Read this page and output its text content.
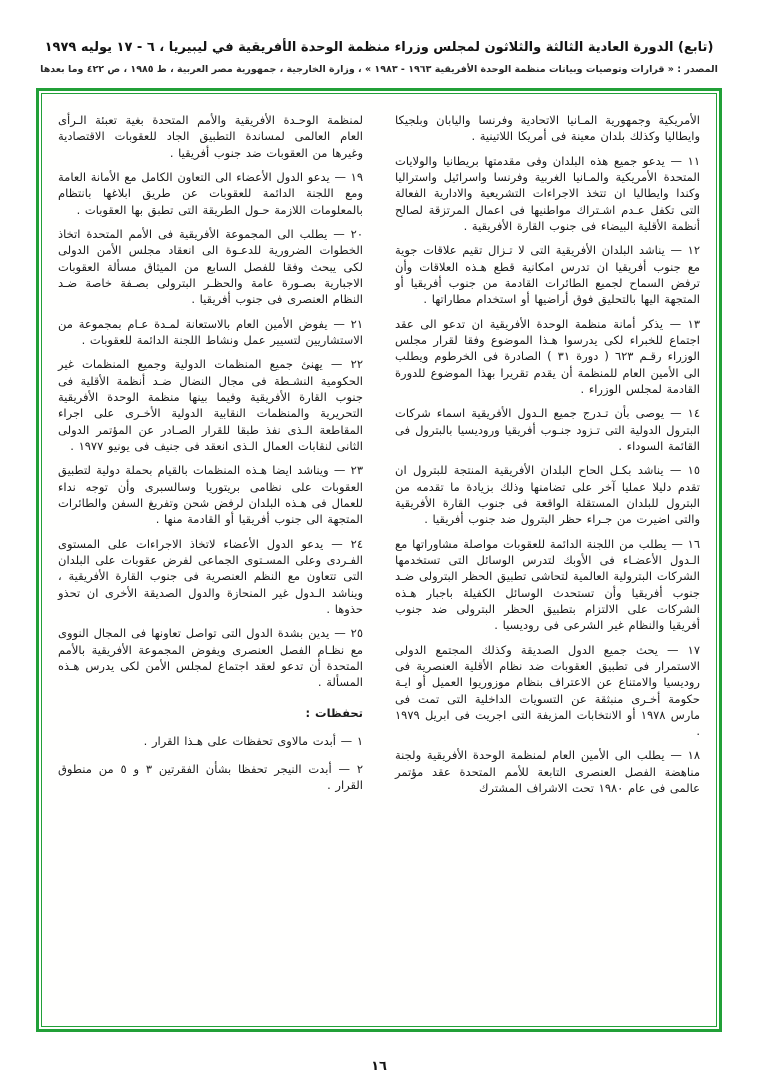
(تابع) الدورة العادية الثالثة والثلاثون لمجلس وزراء منظمة الوحدة الأفريقية في ليبيريا ، ٦ - ١٧ يوليه ١٩٧٩
المصدر : « قرارات وتوصيات وبيانات منظمة الوحدة الأفريقية ١٩٦٣ - ١٩٨٣ » ، وزارة الخارجية ، جمهورية مصر العربية ، ط ١٩٨٥ ، ص ٤٢٢ وما بعدها

الأمريكية وجمهورية المـانيا الاتحادية وفرنسا واليابان وبلجيكا وايطاليا وكذلك بلدان معينة فى أمريكا اللاتينية .

١١ — يدعو جميع هذه البلدان وفى مقدمتها بريطانيا والولايات المتحدة الأمريكية والمـانيا الغربية وفرنسا واسرائيل واستراليا وكندا وايطاليا ان تتخذ الاجراءات التشريعية والادارية الفعالة التى تكفل عـدم اشـتراك مواطنيها فى اعمال المرتزقة لصالح أنظمة الأقلية البيضاء فى جنوب القارة الأفريقية .

١٢ — يناشد البلدان الأفريقية التى لا تـزال تقيم علاقات جوية مع جنوب أفريقيا ان تدرس امكانية قطع هـذه العلاقات وأن ترفض السماح لجميع الطائرات القادمة من جنوب أفريقيا أو المتجهة اليها بالتحليق فوق أراضيها أو استخدام مطاراتها .

١٣ — يذكر أمانة منظمة الوحدة الأفريقية ان تدعو الى عقد اجتماع للخبراء لكى يدرسوا هـذا الموضوع وفقا لقرار مجلس الوزراء رقـم ٦٢٣ ( دورة ٣١ ) الصادرة فى الخرطوم ويطلب الى الأمين العام للمنظمة أن يقدم تقريرا بهذا الموضوع للدورة القادمة لمجلس الوزراء .

١٤ — يوصى بأن تـدرج جميع الـدول الأفريقية اسماء شركات البترول الدولية التى تـزود جنـوب أفريقيا وروديسيا بالبترول فى القائمة السوداء .

١٥ — يناشد بكـل الحاح البلدان الأفريقية المنتجة للبترول ان تقدم دليلا عمليا آخر على تضامنها وذلك بزيادة ما تقدمه من البترول للبلدان المستقلة الواقعة فى جنوب القارة الأفريقية والتى اضيرت من جـراء حظر البترول ضد جنوب أفريقيا .

١٦ — يطلب من اللجنة الدائمة للعقوبات مواصلة مشاوراتها مع الـدول الأعضـاء فى الأوبك لتدرس الوسائل التى تستخدمها الشركات البترولية العالمية لتحاشى تطبيق الحظر البترولى ضـد جنوب أفريقيا وأن تستحدث الوسائل الكفيلة باجبار هـذه الشركات على الالتزام بتطبيق الحظر البترولى ضد جنوب أفريقيا والنظام غير الشرعى فى روديسيا .

١٧ — يحث جميع الدول الصديقة وكذلك المجتمع الدولى الاستمرار فى تطبيق العقوبات ضد نظام الأقلية العنصرية فى روديسيا والامتناع عن الاعتراف بنظام موزوريوا العميل أو ايـة حكومة أخـرى منبثقة عن التسويات الداخلية التى تمت فى مارس ١٩٧٨ أو الانتخابات المزيفة التى اجريت فى ابريل ١٩٧٩ .

١٨ — يطلب الى الأمين العام لمنظمة الوحدة الأفريقية ولجنة مناهضة الفصل العنصرى التابعة للأمم المتحدة عقد مؤتمر عالمى فى عام ١٩٨٠ تحت الاشراف المشترك

لمنظمة الوحـدة الأفريقية والأمم المتحدة بغية تعبئة الـرأى العام العالمى لمساندة التطبيق الجاد للعقوبات الاقتصادية وغيرها من العقوبات ضد جنوب أفريقيا .

١٩ — يدعو الدول الأعضاء الى التعاون الكامل مع الأمانة العامة ومع اللجنة الدائمة للعقوبات عن طريق ابلاغها بانتظام بالمعلومات اللازمة حـول الطريقة التى تطبق بها العقوبات .

٢٠ — يطلب الى المجموعة الأفريقية فى الأمم المتحدة اتخاذ الخطوات الضرورية للدعـوة الى انعقاد مجلس الأمن الدولى لكى يبحث وفقا للفصل السابع من الميثاق مسألة العقوبات الاجبارية بصـورة عامة والحظـر البترولى بصـفة خاصة ضـد النظام العنصرى فى جنوب أفريقيا .

٢١ — يفوض الأمين العام بالاستعانة لمـدة عـام بمجموعة من الاستشاريين لتسيير عمل ونشاط اللجنة الدائمة للعقوبات .

٢٢ — يهنئ جميع المنظمات الدولية وجميع المنظمات غير الحكومية النشـطة فى مجال النضال ضـد أنظمة الأقلية فى جنوب القارة الأفريقية وفيما بينها منظمة الوحدة الأفريقية التحريرية والمنظمات النقابية الدولية الأخـرى على اجراء المقاطعة الـذى نفذ طبقا للقرار الصـادر عن المؤتمر الدولى الثانى لنقابات العمال الـذى انعقد فى جنيف فى يونيو ١٩٧٧ .

٢٣ — ويناشد ايضا هـذه المنظمات بالقيام بحملة دولية لتطبيق العقوبات على نظامى بريتوريا وسالسبرى وأن توجه نداء للعمال فى هـذه البلدان لرفض شحن وتفريغ السفن والطائرات المتجهة الى جنوب أفريقيا أو القادمة منها .

٢٤ — يدعو الدول الأعضاء لاتخاذ الاجراءات على المستوى الفـردى وعلى المسـتوى الجماعى لفرض عقوبات على البلدان التى تتعاون مع النظم العنصرية فى جنوب القارة الأفريقية ، ويناشد الـدول غير المنحازة والدول الصديقة الأخرى ان تحذو حذوها .

٢٥ — يدين بشدة الدول التى تواصل تعاونها فى المجال النووى مع نظـام الفصل العنصرى ويفوض المجموعة الأفريقية بالأمم المتحدة أن تدعو لعقد اجتماع لمجلس الأمن لكى يدرس هـذه المسألة .

تحفظات :

١ — أبدت مالاوى تحفظات على هـذا القرار .

٢ — أبدت النيجر تحفظا بشأن الفقرتين ٣ و ٥ من منطوق القرار .

١٦
